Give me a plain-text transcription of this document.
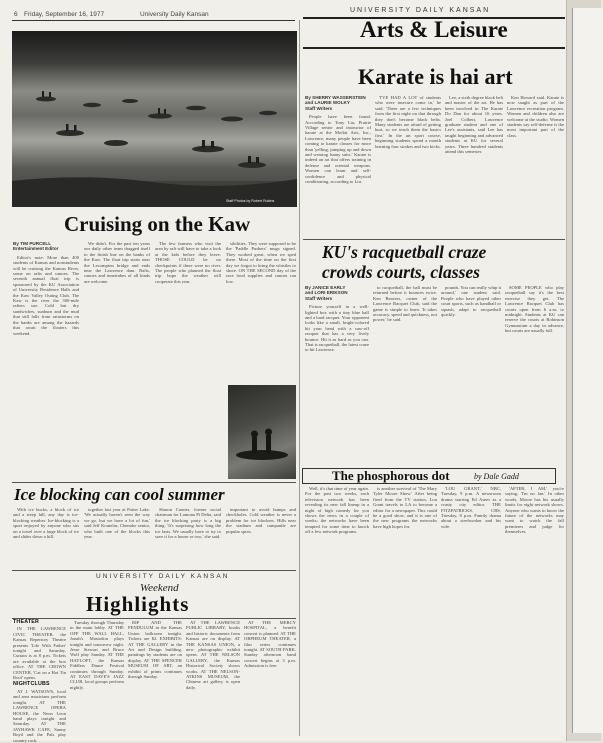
6 Friday, September 16, 1977	University Daily Kansan
UNIVERSITY DAILY KANSAN
Arts & Leisure
Staff Photos by Robert Rubins
Cruising on the Kaw
By TIM PURCELL
Entertainment Editor

Editor's note: More than 400 students of Kansas and nonstudents will be cruising the Kansas River, some on rafts and canoes. The seventh annual float trip is sponsored by the KU Association of University Residence Halls and the Kaw Valley Outing Club. The Kaw is the river the 300-mile rafters use. Cold but dry sandwiches, sunburn and the mud that still falls from rainstorms on the banks are among the hazards that await the floaters this weekend.

We didn't. For the past ten years our daily other team dragged itself to the finish line on the banks of the Kaw. The float trip starts near the Lecompton bridge and ends near the Lawrence dam. Rafts, canoes and innertubes of all kinds are welcome.

The few farmers who visit the area by raft will have to take a look at the kids before they leave. THOSE COULD be no checkpoints if there were no river. The people who planned the float trip hope the weather will cooperate this year.

sibilities. They were supposed to be the 'Paddle Pushers' mugs signed. They worked great, when we sped there. Most of the time on the first day we forgot to bring the whistles to shore. ON THE SECOND day of the race food supplies and canoes ran low.

Karate is hai art
By SHERRY WASSERSTEIN
and LAURIE WOLKY
Staff Writers

People have been found. According to Tony Liu, Prairie Village senior and instructor of karate at the Moffat Arts, Inc., Lawrence, many people have been coming to karate classes for more than 'yelling, jumping up and down and wearing funny suits.' Karate is indeed an art that offers training in defense and oriental weapons. Women can learn and self-confidence and physical conditioning, according to Liu.

'I'VE HAD A LOT of students who were insecure come in,' he said. 'There are a few techniques from the first night on that through they don't become black belts. Many students are afraid of getting hurt, so we teach them the basics first.' In the art sport course, beginning students spend a month learning four strokes and two kicks.

Lee, a sixth degree black belt and master of the art. He has been involved in The Karate Do Dan for about 16 years. Joel Colbert, Lawrence graduate student and one of Lee's assistants, said Lee has taught beginning and advanced students at KU for several years. Three hundred students attend this semester.

Ken Howard said. Karate is now taught as part of the Lawrence recreation program. Women and children also are welcome at the studio. Women students say self-defense is the most important part of the class.

KU's racquetball craze
crowds courts, classes
By JANICE EARLY
and LORI ERIKSON
Staff Writers

Picture yourself in a well-lighted box with a tiny blue ball and a hard racquet. Your opponent looks like a small, bright-colored hit your head with a saw-off racquet that has a very lively bounce. Hit it as hard as you can. That is racquetball, the latest craze to hit Lawrence.

to racquetball, the ball must be returned before it bounces twice. Ken Beavers, owner of the Lawrence Racquet Club, said the game is simple to learn. 'It takes accuracy, speed and quickness, not power,' he said.

pounds. You can really whip it around,' one student said. People who have played other court sports, such as handball or squash, adapt to racquetball quickly.

SOME PEOPLE who play racquetball say it's the best exercise they get. The Lawrence Racquet Club has courts open from 6 a.m. to midnight. Students at KU can reserve the courts at Robinson Gymnasium a day in advance, but courts are usually full.

Ice blocking can cool summer

With ice bucks, a block of ice and a steep hill, any day is ice-blocking weather. Ice-blocking is a sport enjoyed by anyone who sits on a towel over a large block of ice and slides down a hill.

together last year at Potter Lake. 'We actually haven't seen the way we go, but we have a lot of fun,' said Jeff Koutelas, Chenoke senior, who built one of the blocks this year.

Sharon Conner, former social chairman for Lamona Pi Delta, said the ice blocking party is a big thing. 'It's surprising how long the ice lasts. We usually have to try to save it for a house or two,' she said.

important to avoid bumps and checkholes. Cold weather is never a problem for ice blockers. Hills near the stadium and campanile are popular spots.

The phosphorous dot	by Dale Gadd

Well, it's that time of year again. For the past two weeks, each television network has been revealing its new fall lineup in a night of high comedy for you shows the news in a couple of weeks; the networks have been tempted for some time to knock off a few network programs.

is another survival of 'The Mary Tyler Moore Show.' After being fired from the TV station, Lou Grant travels to LA to become a editor for a newspaper. This could be a good show, and it is one of the new programs the networks have high hopes for.

'LOU GRANT,' NBC, Tuesday, 9 p.m. A newsroom drama starring Ed Asner as a crusty city editor. THE FITZPATRICKS, CBS, Tuesday, 8 p.m. Family drama about a steelworker and his wife.

'AFTER, I AM,' you're saying. 'I'm no fan.' In other words, Moore has his usually limits for eight network shows. Anyone who wants to know the future of the networks may want to watch the fall premieres and judge for themselves.

UNIVERSITY DAILY KANSAN
Weekend
Highlights
THEATER

IN THE LAWRENCE CIVIC THEATER, the Kansas Repertory Theatre presents 'Life With Father' tonight and Saturday. Curtain is at 8 p.m. Tickets are available at the box office. AT THE CROWN CENTER, 'Cat on a Hot Tin Roof' opens.

NIGHTCLUBS

AT J. WATSON'S, local and area musicians perform tonight. AT THE LAWRENCE OPERA HOUSE, the Neon Leon band plays tonight and Saturday. AT THE JAYHAWK CAFE, Sunny Boyd and the Pals play country rock.

Tuesday through Thursday in the main lobby. AT THE OFF THE WALL HALL, Jonah's Mastodon plays tonight and tomorrow night. Jesse Stewart and Bruce Wolf play Sunday. AT THE HAYLOFT, the Kansas Fiddlers Dance Festival continues through Sunday. AT EAST DAVE'S JAZZ CLUB, local groups perform nightly.

RIP AND THE PENDULUM in the Kansas Union ballroom tonight. Tickets are $2. EXHIBITS: AT THE GALLERY in the Art and Design building, paintings by students are on display. AT THE SPENCER MUSEUM OF ART, an exhibit of prints continues through Sunday.

AT THE LAWRENCE PUBLIC LIBRARY, books and historic documents from Kansas are on display. AT THE KANSAS UNION, a new photographic exhibit opens. AT THE NELSON GALLERY, the Kansas Historical Society shows works. AT THE NELSON-ATKINS MUSEUM, the Chinese art gallery is open daily.

AT THE MERCY HOSPITAL, a benefit concert is planned. AT THE ORPHEUM THEATER, a film series continues tonight. AT SOUTH PARK, Sunday afternoon band concert begins at 3 p.m. Admission is free.
